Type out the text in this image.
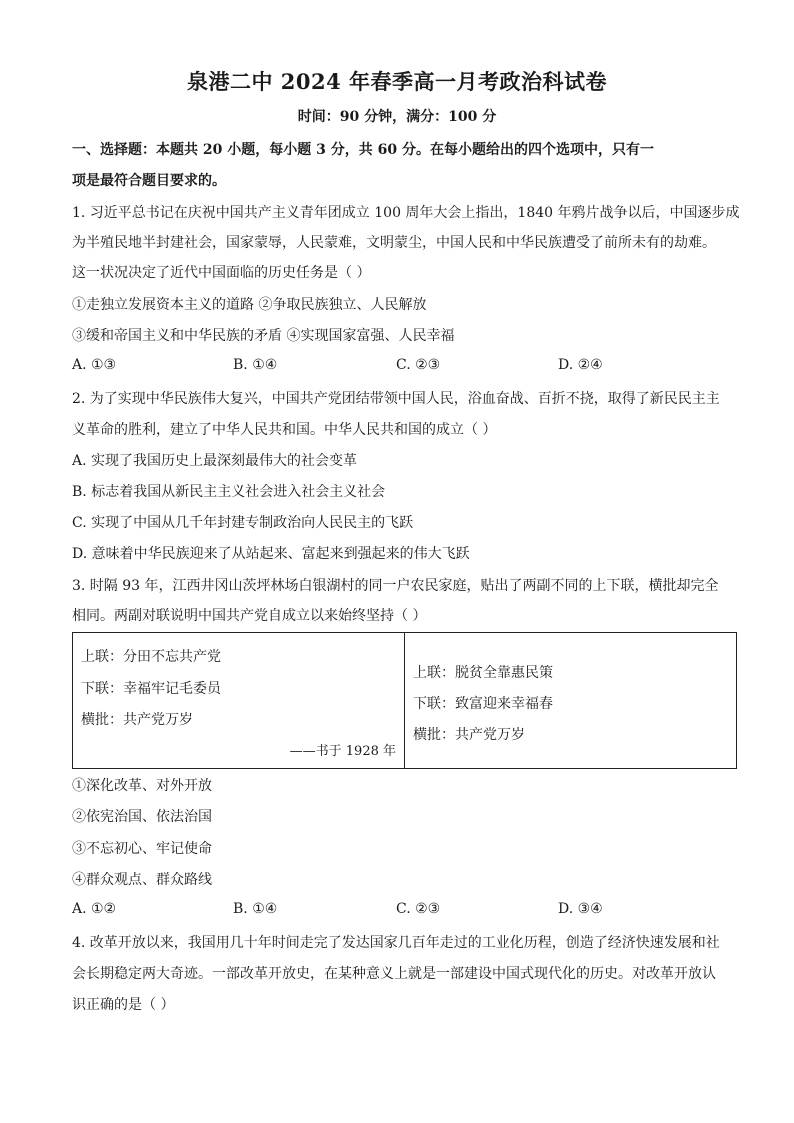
泉港二中 2024 年春季高一月考政治科试卷
时间：90 分钟，满分：100 分
一、选择题：本题共 20 小题，每小题 3 分，共 60 分。在每小题给出的四个选项中，只有一
项是最符合题目要求的。
1. 习近平总书记在庆祝中国共产主义青年团成立 100 周年大会上指出，1840 年鸦片战争以后，中国逐步成
为半殖民地半封建社会，国家蒙辱，人民蒙难，文明蒙尘，中国人民和中华民族遭受了前所未有的劫难。
这一状况决定了近代中国面临的历史任务是（ ）
①走独立发展资本主义的道路 ②争取民族独立、人民解放
③缓和帝国主义和中华民族的矛盾 ④实现国家富强、人民幸福
A. ①③	B. ①④	C. ②③	D. ②④
2. 为了实现中华民族伟大复兴，中国共产党团结带领中国人民，浴血奋战、百折不挠，取得了新民民主主
义革命的胜利，建立了中华人民共和国。中华人民共和国的成立（ ）
A. 实现了我国历史上最深刻最伟大的社会变革
B. 标志着我国从新民主主义社会进入社会主义社会
C. 实现了中国从几千年封建专制政治向人民民主的飞跃
D. 意味着中华民族迎来了从站起来、富起来到强起来的伟大飞跃
3. 时隔 93 年，江西井冈山茨坪林场白银湖村的同一户农民家庭，贴出了两副不同的上下联，横批却完全
相同。两副对联说明中国共产党自成立以来始终坚持（ ）
上联：分田不忘共产党
下联：幸福牢记毛委员
横批：共产党万岁
——书于 1928 年

上联：脱贫全靠惠民策
下联：致富迎来幸福春
横批：共产党万岁
①深化改革、对外开放
②依宪治国、依法治国
③不忘初心、牢记使命
④群众观点、群众路线
A. ①②	B. ①④	C. ②③	D. ③④
4. 改革开放以来，我国用几十年时间走完了发达国家几百年走过的工业化历程，创造了经济快速发展和社
会长期稳定两大奇迹。一部改革开放史，在某种意义上就是一部建设中国式现代化的历史。对改革开放认
识正确的是（ ）
